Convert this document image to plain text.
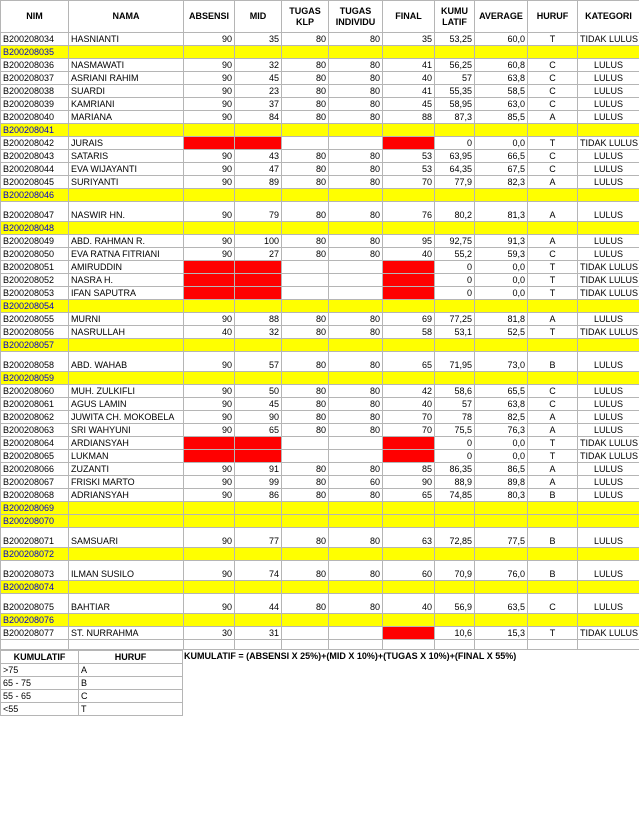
NIM	NAMA	ABSENSI	MID	TUGAS KLP	TUGAS INDIVIDU	FINAL	KUMU LATIF	AVERAGE	HURUF	KATEGORI
B200208034	HASNIANTI	90	35	80	80	35	53,25	60,0	T	TIDAK LULUS
B200208035										
B200208036	NASMAWATI	90	32	80	80	41	56,25	60,8	C	LULUS
B200208037	ASRIANI RAHIM	90	45	80	80	40	57	63,8	C	LULUS
B200208038	SUARDI	90	23	80	80	41	55,35	58,5	C	LULUS
B200208039	KAMRIANI	90	37	80	80	45	58,95	63,0	C	LULUS
B200208040	MARIANA	90	84	80	80	88	87,3	85,5	A	LULUS
B200208041										
B200208042	JURAIS						0	0,0	T	TIDAK LULUS
B200208043	SATARIS	90	43	80	80	53	63,95	66,5	C	LULUS
B200208044	EVA WIJAYANTI	90	47	80	80	53	64,35	67,5	C	LULUS
B200208045	SURIYANTI	90	89	80	80	70	77,9	82,3	A	LULUS
B200208046										
B200208047	NASWIR HN.	90	79	80	80	76	80,2	81,3	A	LULUS
B200208048										
B200208049	ABD. RAHMAN R.	90	100	80	80	95	92,75	91,3	A	LULUS
B200208050	EVA RATNA FITRIANI	90	27	80	80	40	55,2	59,3	C	LULUS
B200208051	AMIRUDDIN						0	0,0	T	TIDAK LULUS
B200208052	NASRA H.						0	0,0	T	TIDAK LULUS
B200208053	IFAN SAPUTRA						0	0,0	T	TIDAK LULUS
B200208054										
B200208055	MURNI	90	88	80	80	69	77,25	81,8	A	LULUS
B200208056	NASRULLAH	40	32	80	80	58	53,1	52,5	T	TIDAK LULUS
B200208057										
B200208058	ABD. WAHAB	90	57	80	80	65	71,95	73,0	B	LULUS
B200208059										
B200208060	MUH. ZULKIFLI	90	50	80	80	42	58,6	65,5	C	LULUS
B200208061	AGUS LAMIN	90	45	80	80	40	57	63,8	C	LULUS
B200208062	JUWITA CH. MOKOBELA	90	90	80	80	70	78	82,5	A	LULUS
B200208063	SRI WAHYUNI	90	65	80	80	70	75,5	76,3	A	LULUS
B200208064	ARDIANSYAH						0	0,0	T	TIDAK LULUS
B200208065	LUKMAN						0	0,0	T	TIDAK LULUS
B200208066	ZUZANTI	90	91	80	80	85	86,35	86,5	A	LULUS
B200208067	FRISKI MARTO	90	99	80	60	90	88,9	89,8	A	LULUS
B200208068	ADRIANSYAH	90	86	80	80	65	74,85	80,3	B	LULUS
B200208069										
B200208070										
B200208071	SAMSUARI	90	77	80	80	63	72,85	77,5	B	LULUS
B200208072										
B200208073	ILMAN SUSILO	90	74	80	80	60	70,9	76,0	B	LULUS
B200208074										
B200208075	BAHTIAR	90	44	80	80	40	56,9	63,5	C	LULUS
B200208076										
B200208077	ST. NURRAHMA	30	31				10,6	15,3	T	TIDAK LULUS

KUMULATIF	HURUF
>75	A
65 - 75	B
55 - 65	C
<55	T
KUMULATIF = (ABSENSI X 25%)+(MID X 10%)+(TUGAS X 10%)+(FINAL X 55%)
